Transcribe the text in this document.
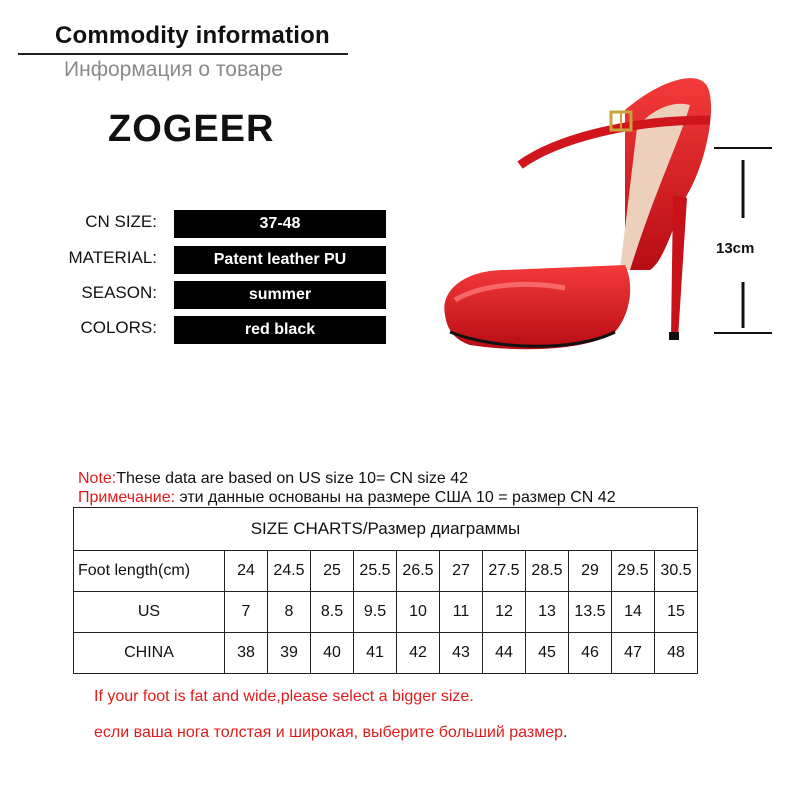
Commodity information
Информация о товаре
ZOGEER
CN SIZE:	37-48
MATERIAL:	Patent leather PU
SEASON:	summer
COLORS:	red black
13cm
Note:These data are based on US size 10= CN size 42
Примечание: эти данные основаны на размере США 10 = размер CN 42
SIZE CHARTS/Размер диаграммы											
Foot length(cm)	24	24.5	25	25.5	26.5	27	27.5	28.5	29	29.5	30.5
US	7	8	8.5	9.5	10	11	12	13	13.5	14	15
CHINA	38	39	40	41	42	43	44	45	46	47	48
If your foot is fat and wide,please select a bigger size.
если ваша нога толстая и широкая, выберите больший размер.
